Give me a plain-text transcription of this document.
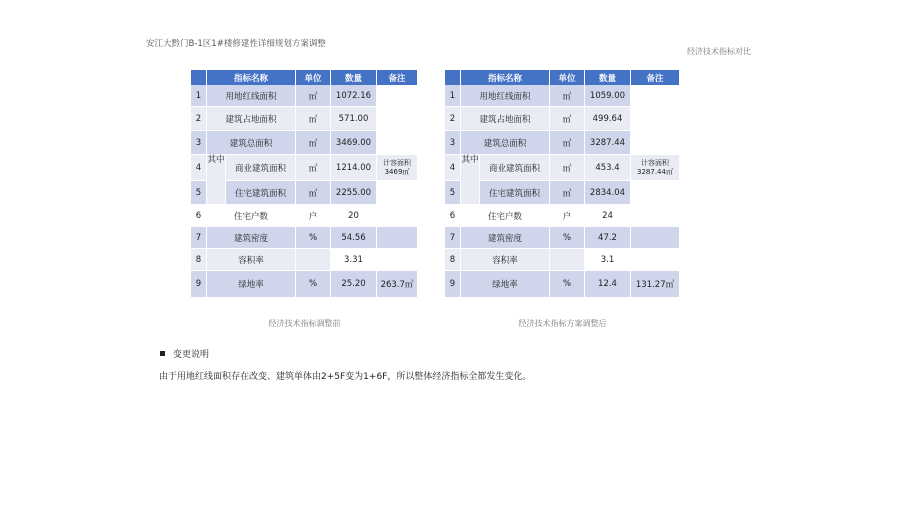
安江大黔门B-1区1#楼修建性详细规划方案调整
经济技术指标对比
	指标名称		单位	数量	备注
1	用地红线面积		㎡	1072.16	
2	建筑占地面积		㎡	571.00	
3	建筑总面积		㎡	3469.00	
4	其中	商业建筑面积	㎡	1214.00	计容面积3469㎡
5		住宅建筑面积	㎡	2255.00	
6	住宅户数		户	20	
7	建筑密度		%	54.56	
8	容积率			3.31	
9	绿地率		%	25.20	263.7㎡
经济技术指标调整前
	指标名称		单位	数量	备注
1	用地红线面积		㎡	1059.00	
2	建筑占地面积		㎡	499.64	
3	建筑总面积		㎡	3287.44	
4	其中	商业建筑面积	㎡	453.4	计容面积3287.44㎡
5		住宅建筑面积	㎡	2834.04	
6	住宅户数		户	24	
7	建筑密度		%	47.2	
8	容积率			3.1	
9	绿地率		%	12.4	131.27㎡
经济技术指标方案调整后
变更说明
由于用地红线面积存在改变、建筑单体由2+5F变为1+6F，所以整体经济指标全都发生变化。
